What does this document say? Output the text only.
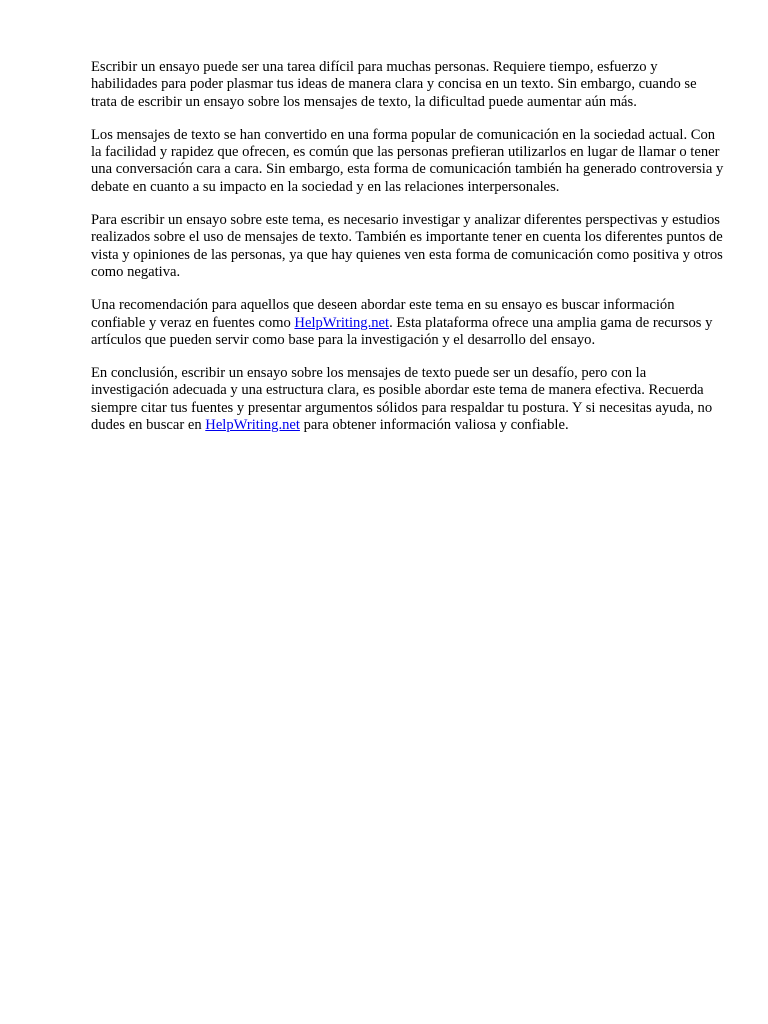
Escribir un ensayo puede ser una tarea difícil para muchas personas. Requiere tiempo, esfuerzo y habilidades para poder plasmar tus ideas de manera clara y concisa en un texto. Sin embargo, cuando se trata de escribir un ensayo sobre los mensajes de texto, la dificultad puede aumentar aún más.

Los mensajes de texto se han convertido en una forma popular de comunicación en la sociedad actual. Con la facilidad y rapidez que ofrecen, es común que las personas prefieran utilizarlos en lugar de llamar o tener una conversación cara a cara. Sin embargo, esta forma de comunicación también ha generado controversia y debate en cuanto a su impacto en la sociedad y en las relaciones interpersonales.

Para escribir un ensayo sobre este tema, es necesario investigar y analizar diferentes perspectivas y estudios realizados sobre el uso de mensajes de texto. También es importante tener en cuenta los diferentes puntos de vista y opiniones de las personas, ya que hay quienes ven esta forma de comunicación como positiva y otros como negativa.

Una recomendación para aquellos que deseen abordar este tema en su ensayo es buscar información confiable y veraz en fuentes como HelpWriting.net. Esta plataforma ofrece una amplia gama de recursos y artículos que pueden servir como base para la investigación y el desarrollo del ensayo.

En conclusión, escribir un ensayo sobre los mensajes de texto puede ser un desafío, pero con la investigación adecuada y una estructura clara, es posible abordar este tema de manera efectiva. Recuerda siempre citar tus fuentes y presentar argumentos sólidos para respaldar tu postura. Y si necesitas ayuda, no dudes en buscar en HelpWriting.net para obtener información valiosa y confiable.
